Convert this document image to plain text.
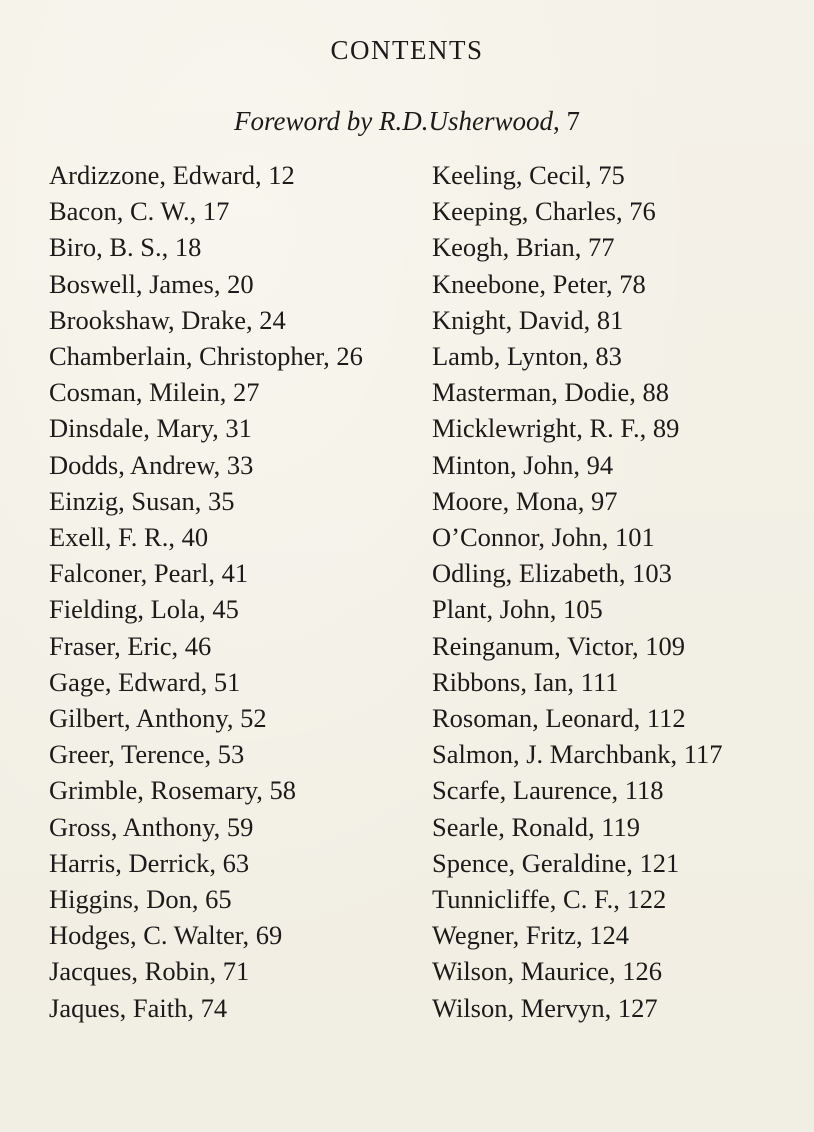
CONTENTS
Foreword by R.D.Usherwood, 7
Ardizzone, Edward, 12
Bacon, C. W., 17
Biro, B. S., 18
Boswell, James, 20
Brookshaw, Drake, 24
Chamberlain, Christopher, 26
Cosman, Milein, 27
Dinsdale, Mary, 31
Dodds, Andrew, 33
Einzig, Susan, 35
Exell, F. R., 40
Falconer, Pearl, 41
Fielding, Lola, 45
Fraser, Eric, 46
Gage, Edward, 51
Gilbert, Anthony, 52
Greer, Terence, 53
Grimble, Rosemary, 58
Gross, Anthony, 59
Harris, Derrick, 63
Higgins, Don, 65
Hodges, C. Walter, 69
Jacques, Robin, 71
Jaques, Faith, 74
Keeling, Cecil, 75
Keeping, Charles, 76
Keogh, Brian, 77
Kneebone, Peter, 78
Knight, David, 81
Lamb, Lynton, 83
Masterman, Dodie, 88
Micklewright, R. F., 89
Minton, John, 94
Moore, Mona, 97
O’Connor, John, 101
Odling, Elizabeth, 103
Plant, John, 105
Reinganum, Victor, 109
Ribbons, Ian, 111
Rosoman, Leonard, 112
Salmon, J. Marchbank, 117
Scarfe, Laurence, 118
Searle, Ronald, 119
Spence, Geraldine, 121
Tunnicliffe, C. F., 122
Wegner, Fritz, 124
Wilson, Maurice, 126
Wilson, Mervyn, 127
